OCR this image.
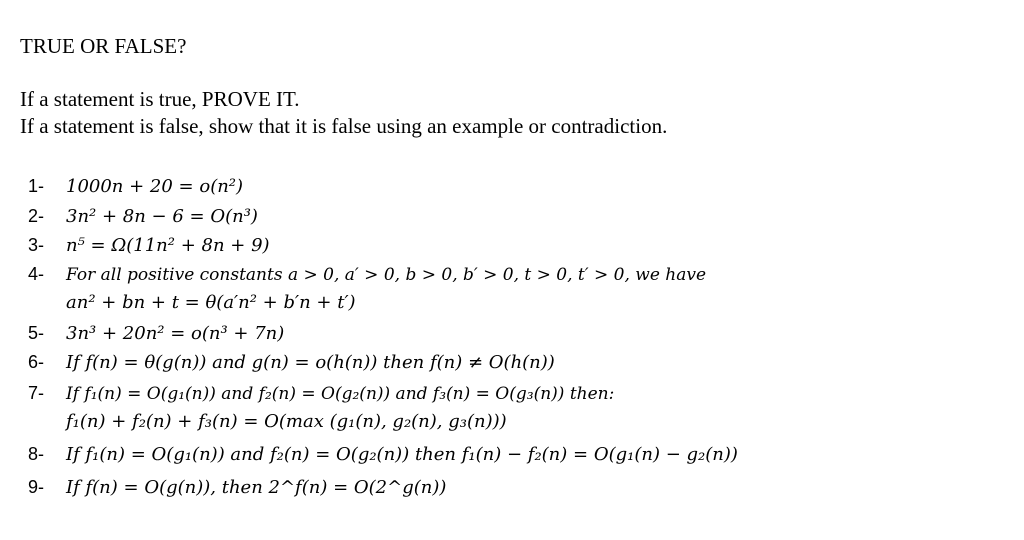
TRUE OR FALSE?
If a statement is true, PROVE IT.
If a statement is false, show that it is false using an example or contradiction.
1- 1000n + 20 = o(n²)
2- 3n² + 8n − 6 = O(n³)
3- n⁵ = Ω(11n² + 8n + 9)
4- For all positive constants a > 0, a′ > 0, b > 0, b′ > 0, t > 0, t′ > 0, we have
an² + bn + t = θ(a′n² + b′n + t′)
5- 3n³ + 20n² = o(n³ + 7n)
6- If f(n) = θ(g(n)) and g(n) = o(h(n)) then f(n) ≠ O(h(n))
7- If f₁(n) = O(g₁(n)) and f₂(n) = O(g₂(n)) and f₃(n) = O(g₃(n)) then:
f₁(n) + f₂(n) + f₃(n) = O(max (g₁(n), g₂(n), g₃(n)))
8- If f₁(n) = O(g₁(n)) and f₂(n) = O(g₂(n)) then f₁(n) − f₂(n) = O(g₁(n) − g₂(n))
9- If f(n) = O(g(n)), then 2^f(n) = O(2^g(n))
